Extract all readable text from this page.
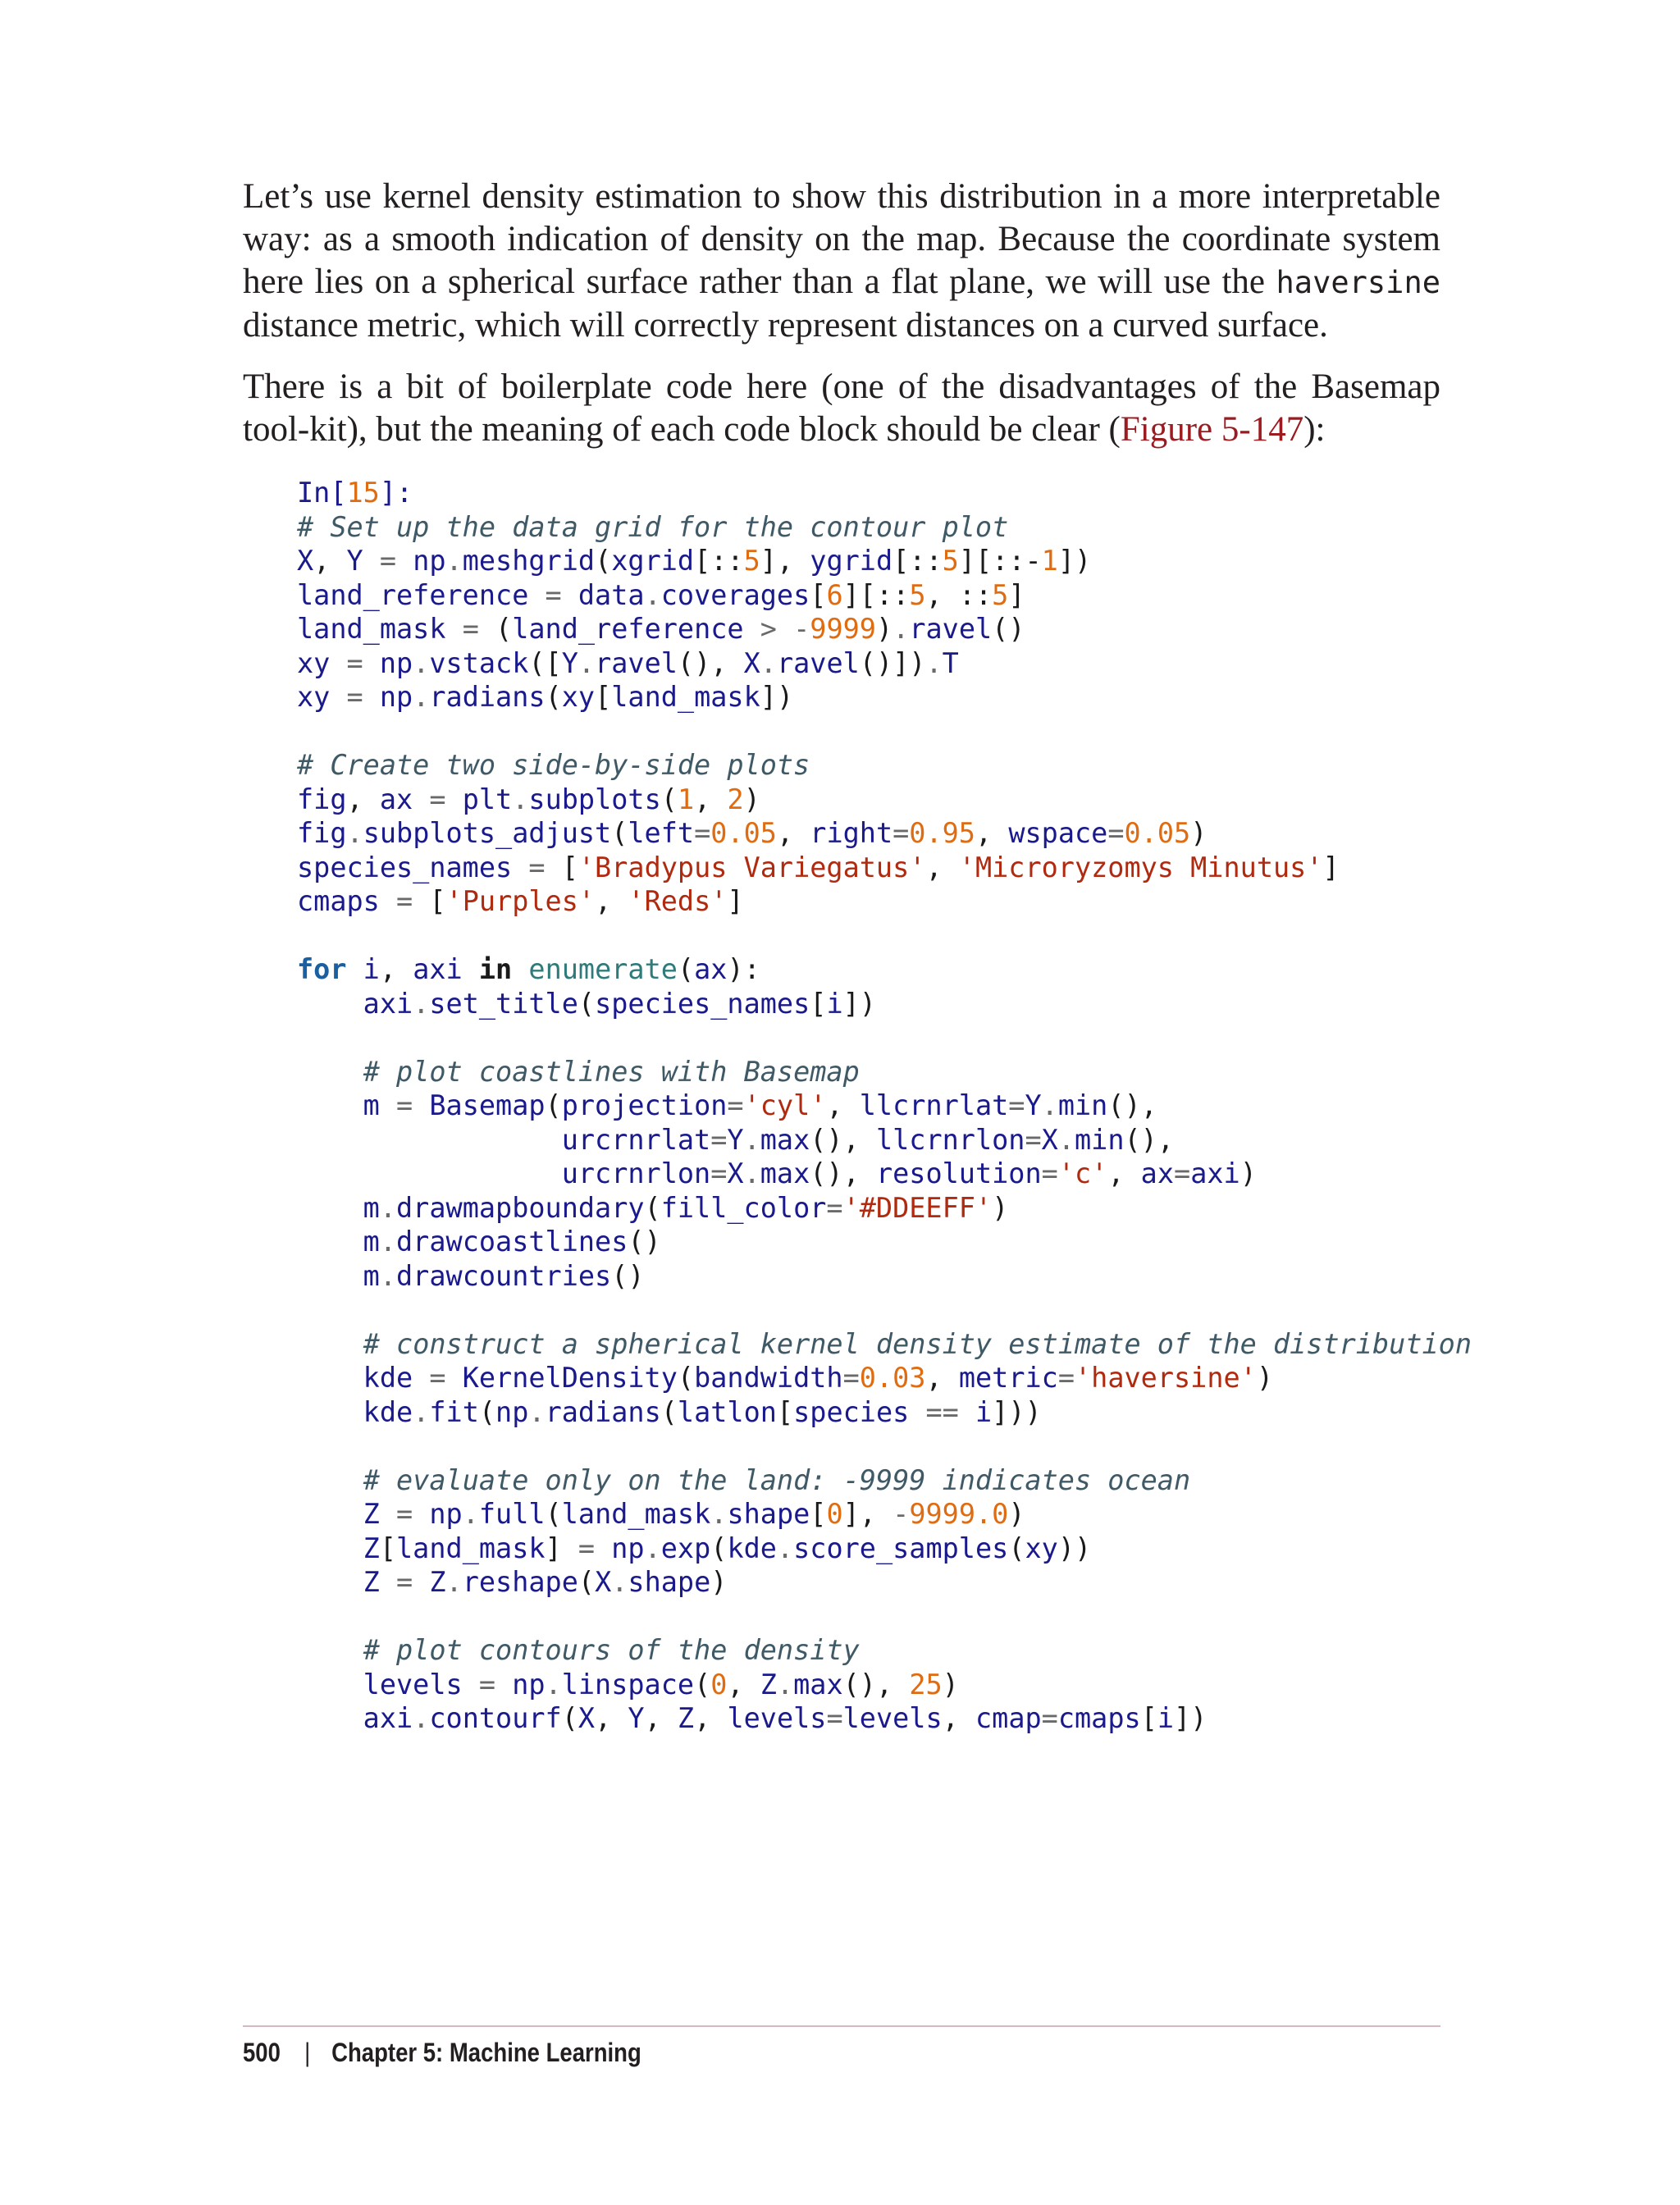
Let’s use kernel density estimation to show this distribution in a more interpretable way: as a smooth indication of density on the map. Because the coordinate system here lies on a spherical surface rather than a flat plane, we will use the haversine distance metric, which will correctly represent distances on a curved surface.

There is a bit of boilerplate code here (one of the disadvantages of the Basemap tool‐kit), but the meaning of each code block should be clear (Figure 5-147):

In[15]:
# Set up the data grid for the contour plot
X, Y = np.meshgrid(xgrid[::5], ygrid[::5][::-1])
land_reference = data.coverages[6][::5, ::5]
land_mask = (land_reference > -9999).ravel()
xy = np.vstack([Y.ravel(), X.ravel()]).T
xy = np.radians(xy[land_mask])

# Create two side-by-side plots
fig, ax = plt.subplots(1, 2)
fig.subplots_adjust(left=0.05, right=0.95, wspace=0.05)
species_names = ['Bradypus Variegatus', 'Microryzomys Minutus']
cmaps = ['Purples', 'Reds']

for i, axi in enumerate(ax):
axi.set_title(species_names[i])

# plot coastlines with Basemap
m = Basemap(projection='cyl', llcrnrlat=Y.min(),
urcrnrlat=Y.max(), llcrnrlon=X.min(),
urcrnrlon=X.max(), resolution='c', ax=axi)
m.drawmapboundary(fill_color='#DDEEFF')
m.drawcoastlines()
m.drawcountries()

# construct a spherical kernel density estimate of the distribution
kde = KernelDensity(bandwidth=0.03, metric='haversine')
kde.fit(np.radians(latlon[species == i]))

# evaluate only on the land: -9999 indicates ocean
Z = np.full(land_mask.shape[0], -9999.0)
Z[land_mask] = np.exp(kde.score_samples(xy))
Z = Z.reshape(X.shape)

# plot contours of the density
levels = np.linspace(0, Z.max(), 25)
axi.contourf(X, Y, Z, levels=levels, cmap=cmaps[i])
500 | Chapter 5: Machine Learning
